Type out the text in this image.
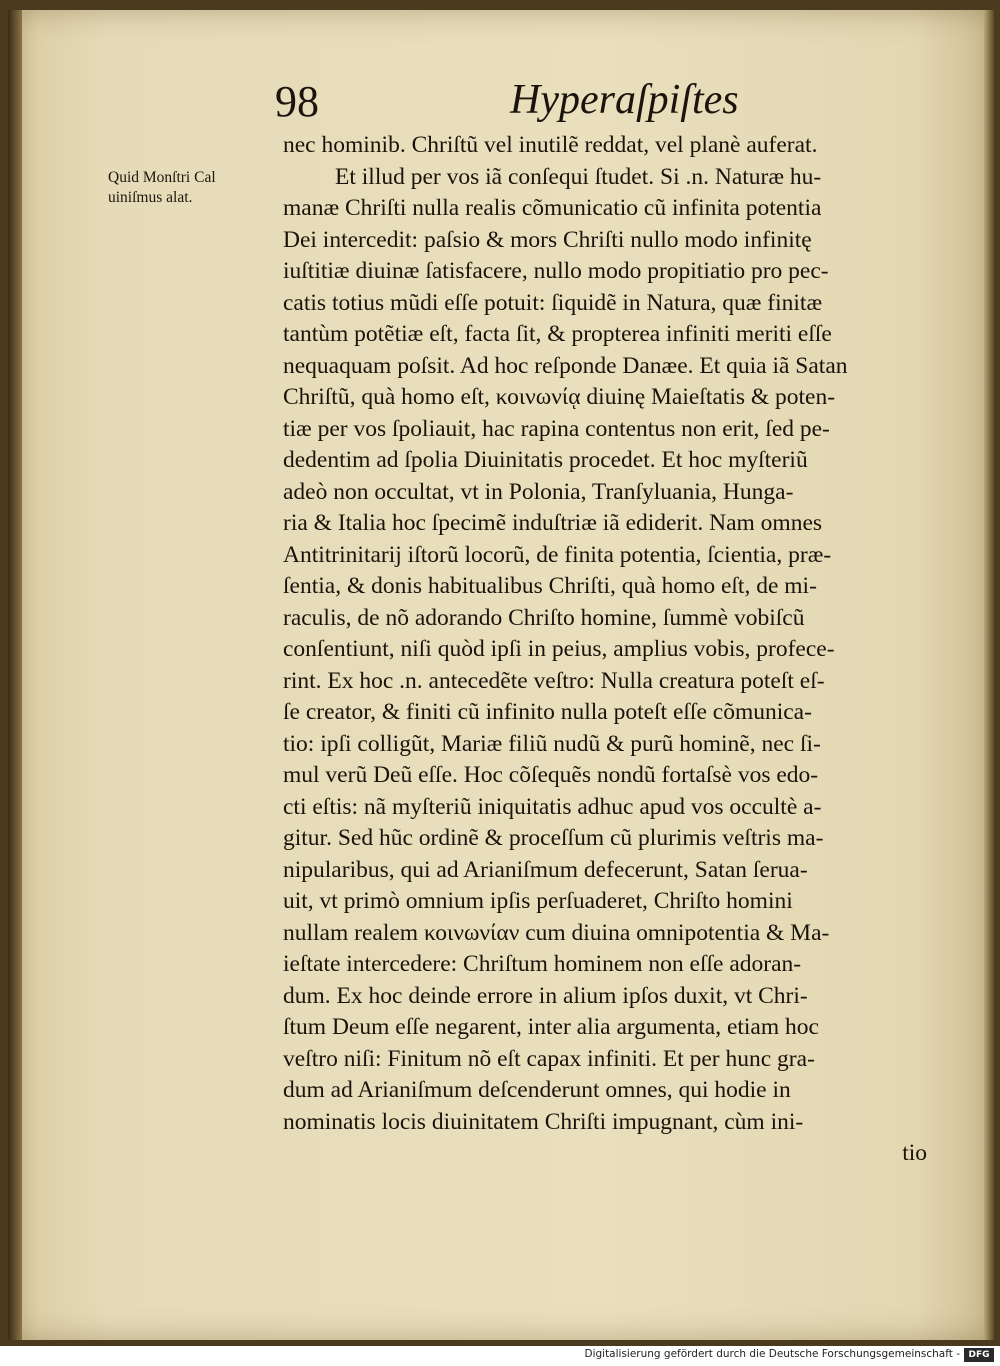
98	Hyperaſpiſtes
Quid Monſtri Cal
uiniſmus alat.
nec hominib. Chriſtũ vel inutilẽ reddat, vel planè auferat.
Et illud per vos iã conſequi ſtudet. Si .n. Naturæ hu-
manæ Chriſti nulla realis cõmunicatio cũ infinita potentia
Dei intercedit: paſsio & mors Chriſti nullo modo infinitę
iuſtitiæ diuinæ ſatisfacere, nullo modo propitiatio pro pec-
catis totius mũdi eſſe potuit: ſiquidẽ in Natura, quæ finitæ
tantùm potẽtiæ eſt, facta ſit, & propterea infiniti meriti eſſe
nequaquam poſsit. Ad hoc reſponde Danæe. Et quia iã Satan
Chriſtũ, quà homo eſt, κοινωνίᾳ diuinę Maieſtatis & poten-
tiæ per vos ſpoliauit, hac rapina contentus non erit, ſed pe-
dedentim ad ſpolia Diuinitatis procedet. Et hoc myſteriũ
adeò non occultat, vt in Polonia, Tranſyluania, Hunga-
ria & Italia hoc ſpecimẽ induſtriæ iã ediderit. Nam omnes
Antitrinitarij iſtorũ locorũ, de finita potentia, ſcientia, præ-
ſentia, & donis habitualibus Chriſti, quà homo eſt, de mi-
raculis, de nõ adorando Chriſto homine, ſummè vobiſcũ
conſentiunt, niſi quòd ipſi in peius, amplius vobis, profece-
rint. Ex hoc .n. antecedẽte veſtro: Nulla creatura poteſt eſ-
ſe creator, & finiti cũ infinito nulla poteſt eſſe cõmunica-
tio: ipſi colligũt, Mariæ filiũ nudũ & purũ hominẽ, nec ſi-
mul verũ Deũ eſſe. Hoc cõſequẽs nondũ fortaſsè vos edo-
cti eſtis: nã myſteriũ iniquitatis adhuc apud vos occultè a-
gitur. Sed hũc ordinẽ & proceſſum cũ plurimis veſtris ma-
nipularibus, qui ad Arianiſmum defecerunt, Satan ſerua-
uit, vt primò omnium ipſis perſuaderet, Chriſto homini
nullam realem κοινωνίαν cum diuina omnipotentia & Ma-
ieſtate intercedere: Chriſtum hominem non eſſe adoran-
dum. Ex hoc deinde errore in alium ipſos duxit, vt Chri-
ſtum Deum eſſe negarent, inter alia argumenta, etiam hoc
veſtro niſi: Finitum nõ eſt capax infiniti. Et per hunc gra-
dum ad Arianiſmum deſcenderunt omnes, qui hodie in
nominatis locis diuinitatem Chriſti impugnant, cùm ini-
tio
Digitalisierung gefördert durch die Deutsche Forschungsgemeinschaft - DFG
